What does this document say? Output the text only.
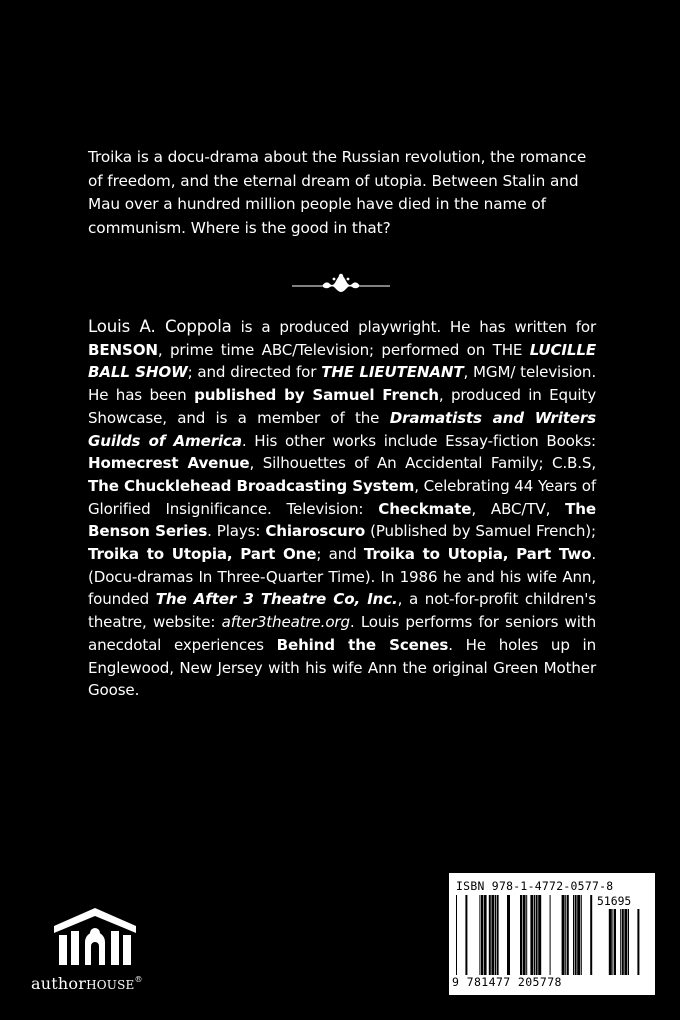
Troika is a docu-drama about the Russian revolution, the romance of freedom, and the eternal dream of utopia. Between Stalin and Mau over a hundred million people have died in the name of communism. Where is the good in that?

Louis A. Coppola is a produced playwright. He has written for BENSON, prime time ABC/Television; performed on THE LUCILLE BALL SHOW; and directed for THE LIEUTENANT, MGM/ television. He has been published by Samuel French, produced in Equity Showcase, and is a member of the Dramatists and Writers Guilds of America. His other works include Essay-fiction Books: Homecrest Avenue, Silhouettes of An Accidental Family; C.B.S, The Chucklehead Broadcasting System, Celebrating 44 Years of Glorified Insignificance. Television: Checkmate, ABC/TV, The Benson Series. Plays: Chiaroscuro (Published by Samuel French); Troika to Utopia, Part One; and Troika to Utopia, Part Two. (Docu-dramas In Three-Quarter Time). In 1986 he and his wife Ann, founded The After 3 Theatre Co, Inc., a not-for-profit children's theatre, website: after3theatre.org. Louis performs for seniors with anecdotal experiences Behind the Scenes. He holes up in Englewood, New Jersey with his wife Ann the original Green Mother Goose.
authorHOUSE®
ISBN 978-1-4772-0577-8
51695
9 781477 205778
